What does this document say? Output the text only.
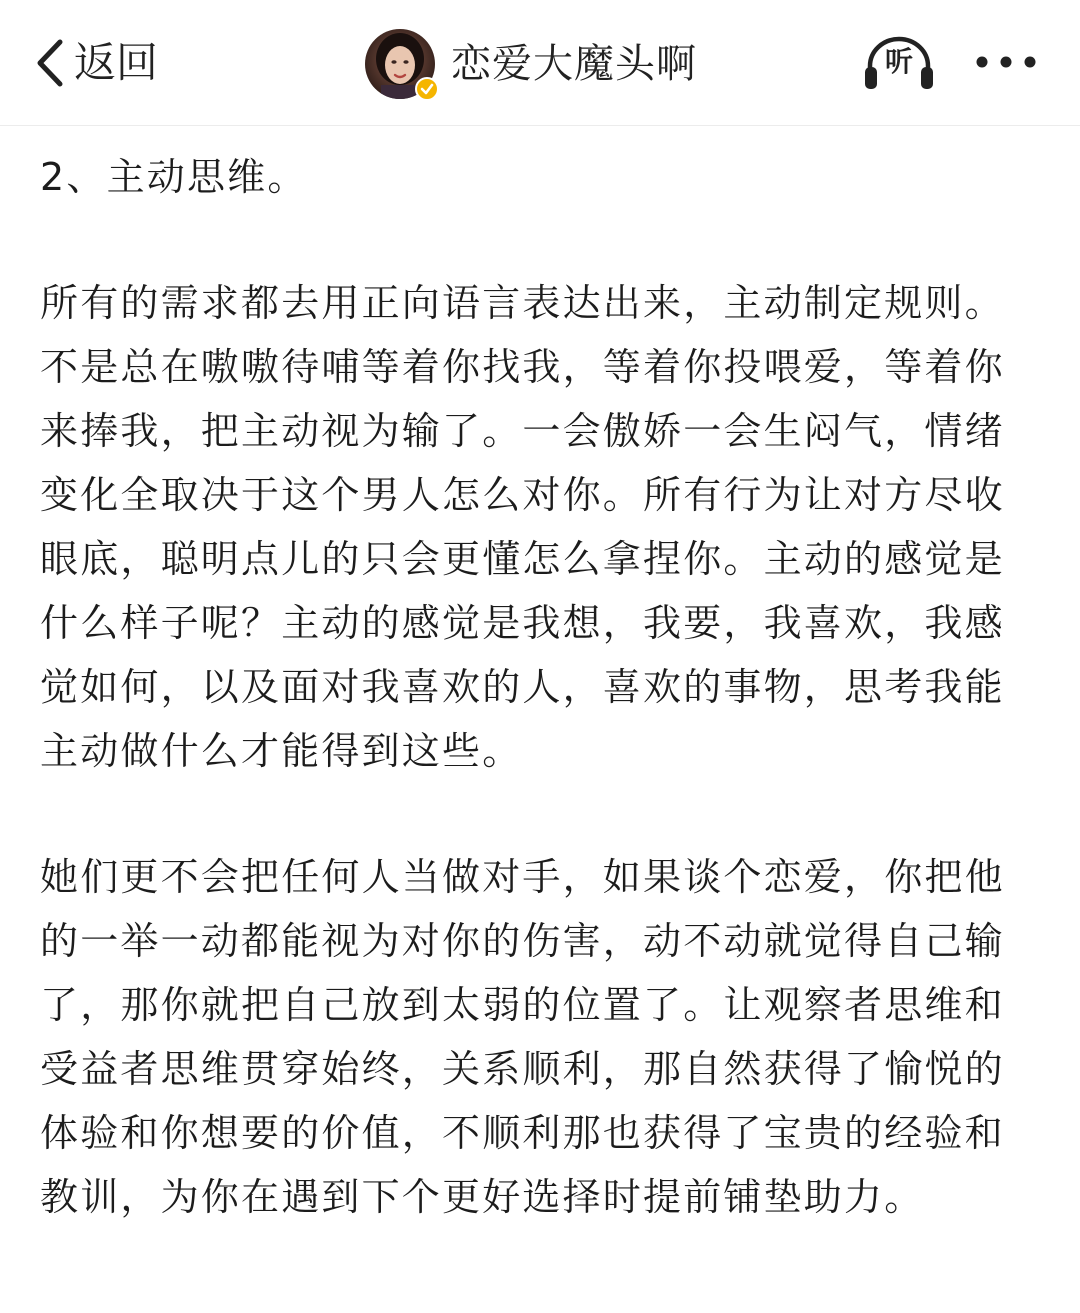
返回	恋爱大魔头啊	听

2、主动思维。

所有的需求都去用正向语言表达出来，主动制定规则。不是总在嗷嗷待哺等着你找我，等着你投喂爱，等着你来捧我，把主动视为输了。一会傲娇一会生闷气，情绪变化全取决于这个男人怎么对你。所有行为让对方尽收眼底，聪明点儿的只会更懂怎么拿捏你。主动的感觉是什么样子呢？主动的感觉是我想，我要，我喜欢，我感觉如何，以及面对我喜欢的人，喜欢的事物，思考我能主动做什么才能得到这些。

她们更不会把任何人当做对手，如果谈个恋爱，你把他的一举一动都能视为对你的伤害，动不动就觉得自己输了，那你就把自己放到太弱的位置了。让观察者思维和受益者思维贯穿始终，关系顺利，那自然获得了愉悦的体验和你想要的价值，不顺利那也获得了宝贵的经验和教训，为你在遇到下个更好选择时提前铺垫助力。
